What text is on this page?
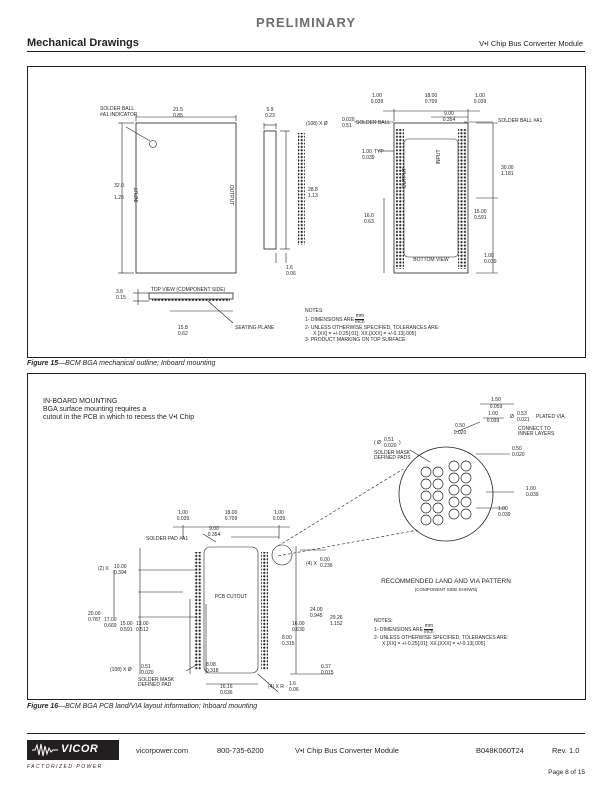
PRELIMINARY
Mechanical Drawings	V•I Chip Bus Converter Module
21.5
0.85
SOLDER BALL
#A1 INDICATOR
32.0
1.26 INPUT	OUTPUT
TOP VIEW (COMPONENT SIDE)
5.9
0.23
28.8
1.13
1.6
0.06
1.00
0.039
18.00
0.709
1.00
0.039
9.00
0.354
(108) X Ø
0.020
0.51 SOLDER BALL	SOLDER BALL #A1
1.00 TYP
0.039
OUTPUT
INPUT
30.00
1.181
16.0
0.63
15.00
0.591
BOTTOM VIEW
1.00
0.039
3.8
0.15
15.8
0.62
SEATING PLANE
NOTES:
1- DIMENSIONS ARE
mm
inch
2- UNLESS OTHERWISE SPECIFIED, TOLERANCES ARE:
X.[XX] = +/-0.25[.01]; XX.[XXX] = +/-0.13[.005]
3- PRODUCT MARKING ON TOP SURFACE
Figure 15—BCM BGA mechanical outline; Inboard mounting
1.00
0.039
18.00
0.709
1.00
0.039
9.00
0.354
SOLDER PAD #A1
(2) X 10.00
0.394
20.00
0.787 17.00
0.669 15.00
0.591
13.00
0.512
PCB CUTOUT
(4) X
6.00
0.236
29.26
1.152
24.00
0.945
16.00
0.630
8.00
0.315
0.37
0.015
(108) X Ø 0.51
0.020
SOLDER MASK
DEFINED PAD
8.08
0.318
16.16
0.636
(4) X R 1.6
0.06
1.50
0.059
1.00
0.039
0.50
0.020
Ø 0.53
0.021 PLATED VIA
CONNECT TO
INNER LAYERS
( Ø 0.51
0.020 )
SOLDER MASK
DEFINED PADS
0.50
0.020
1.00
0.039
1.00
0.039
RECOMMENDED LAND AND VIA PATTERN
(COMPONENT SIDE SHOWN)
IN-BOARD MOUNTING
BGA surface mounting requires a
cutout in the PCB in which to recess the V•I Chip
NOTES:
1- DIMENSIONS ARE
mm
inch
2- UNLESS OTHERWISE SPECIFIED, TOLERANCES ARE:
X.[XX] = +/-0.25[.01]; XX.[XXX] = +/-0.13[.005]
Figure 16—BCM BGA PCB land/VIA layout information; Inboard mounting
VICOR
FACTORIZED POWER
vicorpower.com	800-735-6200	V•I Chip Bus Converter Module	B048K060T24	Rev. 1.0
Page 8 of 15
